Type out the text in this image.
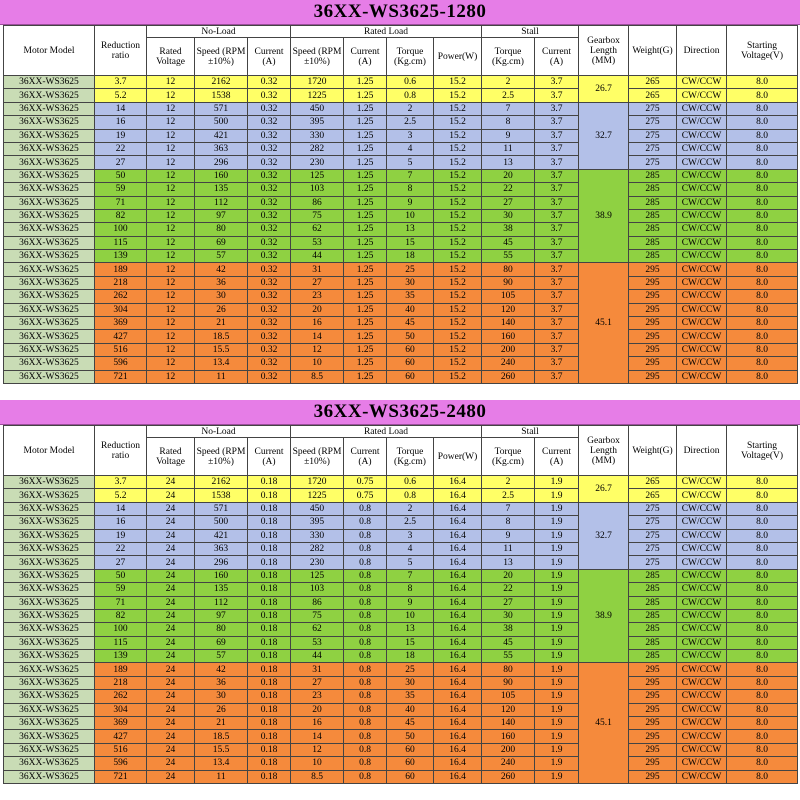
36XX-WS3625-1280
Motor Model	Reduction ratio	No-Load			Rated Load				Stall		Gearbox Length (MM)	Weight(G)	Direction	Starting Voltage(V)
		Rated Voltage	Speed (RPM ±10%)	Current (A)	Speed (RPM ±10%)	Current (A)	Torque (Kg.cm)	Power(W)	Torque (Kg.cm)	Current (A)				
36XX-WS3625	3.7	12	2162	0.32	1720	1.25	0.6	15.2	2	3.7	26.7	265	CW/CCW	8.0
36XX-WS3625	5.2	12	1538	0.32	1225	1.25	0.8	15.2	2.5	3.7		265	CW/CCW	8.0
36XX-WS3625	14	12	571	0.32	450	1.25	2	15.2	7	3.7	32.7	275	CW/CCW	8.0
36XX-WS3625	16	12	500	0.32	395	1.25	2.5	15.2	8	3.7		275	CW/CCW	8.0
36XX-WS3625	19	12	421	0.32	330	1.25	3	15.2	9	3.7		275	CW/CCW	8.0
36XX-WS3625	22	12	363	0.32	282	1.25	4	15.2	11	3.7		275	CW/CCW	8.0
36XX-WS3625	27	12	296	0.32	230	1.25	5	15.2	13	3.7		275	CW/CCW	8.0
36XX-WS3625	50	12	160	0.32	125	1.25	7	15.2	20	3.7	38.9	285	CW/CCW	8.0
36XX-WS3625	59	12	135	0.32	103	1.25	8	15.2	22	3.7		285	CW/CCW	8.0
36XX-WS3625	71	12	112	0.32	86	1.25	9	15.2	27	3.7		285	CW/CCW	8.0
36XX-WS3625	82	12	97	0.32	75	1.25	10	15.2	30	3.7		285	CW/CCW	8.0
36XX-WS3625	100	12	80	0.32	62	1.25	13	15.2	38	3.7		285	CW/CCW	8.0
36XX-WS3625	115	12	69	0.32	53	1.25	15	15.2	45	3.7		285	CW/CCW	8.0
36XX-WS3625	139	12	57	0.32	44	1.25	18	15.2	55	3.7		285	CW/CCW	8.0
36XX-WS3625	189	12	42	0.32	31	1.25	25	15.2	80	3.7	45.1	295	CW/CCW	8.0
36XX-WS3625	218	12	36	0.32	27	1.25	30	15.2	90	3.7		295	CW/CCW	8.0
36XX-WS3625	262	12	30	0.32	23	1.25	35	15.2	105	3.7		295	CW/CCW	8.0
36XX-WS3625	304	12	26	0.32	20	1.25	40	15.2	120	3.7		295	CW/CCW	8.0
36XX-WS3625	369	12	21	0.32	16	1.25	45	15.2	140	3.7		295	CW/CCW	8.0
36XX-WS3625	427	12	18.5	0.32	14	1.25	50	15.2	160	3.7		295	CW/CCW	8.0
36XX-WS3625	516	12	15.5	0.32	12	1.25	60	15.2	200	3.7		295	CW/CCW	8.0
36XX-WS3625	596	12	13.4	0.32	10	1.25	60	15.2	240	3.7		295	CW/CCW	8.0
36XX-WS3625	721	12	11	0.32	8.5	1.25	60	15.2	260	3.7		295	CW/CCW	8.0
36XX-WS3625-2480
Motor Model	Reduction ratio	No-Load			Rated Load				Stall		Gearbox Length (MM)	Weight(G)	Direction	Starting Voltage(V)
		Rated Voltage	Speed (RPM ±10%)	Current (A)	Speed (RPM ±10%)	Current (A)	Torque (Kg.cm)	Power(W)	Torque (Kg.cm)	Current (A)				
36XX-WS3625	3.7	24	2162	0.18	1720	0.75	0.6	16.4	2	1.9	26.7	265	CW/CCW	8.0
36XX-WS3625	5.2	24	1538	0.18	1225	0.75	0.8	16.4	2.5	1.9		265	CW/CCW	8.0
36XX-WS3625	14	24	571	0.18	450	0.8	2	16.4	7	1.9	32.7	275	CW/CCW	8.0
36XX-WS3625	16	24	500	0.18	395	0.8	2.5	16.4	8	1.9		275	CW/CCW	8.0
36XX-WS3625	19	24	421	0.18	330	0.8	3	16.4	9	1.9		275	CW/CCW	8.0
36XX-WS3625	22	24	363	0.18	282	0.8	4	16.4	11	1.9		275	CW/CCW	8.0
36XX-WS3625	27	24	296	0.18	230	0.8	5	16.4	13	1.9		275	CW/CCW	8.0
36XX-WS3625	50	24	160	0.18	125	0.8	7	16.4	20	1.9	38.9	285	CW/CCW	8.0
36XX-WS3625	59	24	135	0.18	103	0.8	8	16.4	22	1.9		285	CW/CCW	8.0
36XX-WS3625	71	24	112	0.18	86	0.8	9	16.4	27	1.9		285	CW/CCW	8.0
36XX-WS3625	82	24	97	0.18	75	0.8	10	16.4	30	1.9		285	CW/CCW	8.0
36XX-WS3625	100	24	80	0.18	62	0.8	13	16.4	38	1.9		285	CW/CCW	8.0
36XX-WS3625	115	24	69	0.18	53	0.8	15	16.4	45	1.9		285	CW/CCW	8.0
36XX-WS3625	139	24	57	0.18	44	0.8	18	16.4	55	1.9		285	CW/CCW	8.0
36XX-WS3625	189	24	42	0.18	31	0.8	25	16.4	80	1.9	45.1	295	CW/CCW	8.0
36XX-WS3625	218	24	36	0.18	27	0.8	30	16.4	90	1.9		295	CW/CCW	8.0
36XX-WS3625	262	24	30	0.18	23	0.8	35	16.4	105	1.9		295	CW/CCW	8.0
36XX-WS3625	304	24	26	0.18	20	0.8	40	16.4	120	1.9		295	CW/CCW	8.0
36XX-WS3625	369	24	21	0.18	16	0.8	45	16.4	140	1.9		295	CW/CCW	8.0
36XX-WS3625	427	24	18.5	0.18	14	0.8	50	16.4	160	1.9		295	CW/CCW	8.0
36XX-WS3625	516	24	15.5	0.18	12	0.8	60	16.4	200	1.9		295	CW/CCW	8.0
36XX-WS3625	596	24	13.4	0.18	10	0.8	60	16.4	240	1.9		295	CW/CCW	8.0
36XX-WS3625	721	24	11	0.18	8.5	0.8	60	16.4	260	1.9		295	CW/CCW	8.0
